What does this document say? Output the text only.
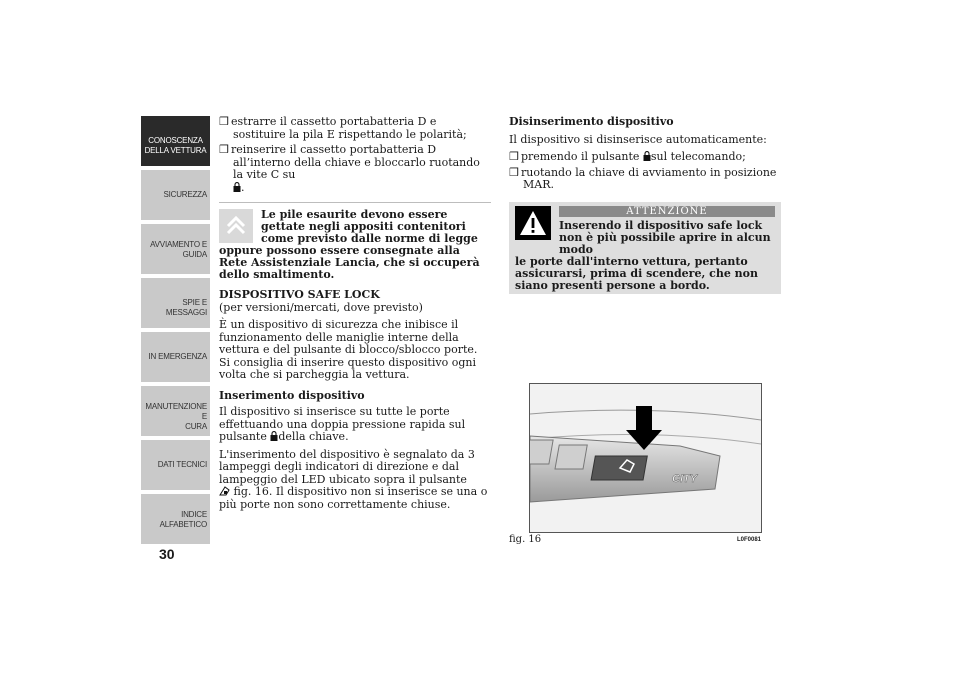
CONOSCENZA
DELLA VETTURA
SICUREZZA
AVVIAMENTO E
GUIDA
SPIE E MESSAGGI
IN EMERGENZA
MANUTENZIONE E
CURA
DATI TECNICI
INDICE
ALFABETICO
30

❒ estrarre il cassetto portabatteria D e sostituire la pila E rispettando le polarità;

❒ reinserire il cassetto portabatteria D all’interno della chiave e bloccarlo ruotando la vite C su
.

Le pile esaurite devono essere gettate negli appositi contenitori come previsto dalle norme di legge oppure possono essere consegnate alla Rete Assistenziale Lancia, che si occuperà dello smaltimento.

DISPOSITIVO SAFE LOCK

(per versioni/mercati, dove previsto)

È un dispositivo di sicurezza che inibisce il funzionamento delle maniglie interne della vettura e del pulsante di blocco/sblocco porte. Si consiglia di inserire questo dispositivo ogni volta che si parcheggia la vettura.

Inserimento dispositivo

Il dispositivo si inserisce su tutte le porte effettuando una doppia pressione rapida sul pulsante della chiave.

L'inserimento del dispositivo è segnalato da 3 lampeggi degli indicatori di direzione e dal lampeggio del LED ubicato sopra il pulsante
fig. 16. Il dispositivo non si inserisce se una o più porte non sono correttamente chiuse.

Disinserimento dispositivo

Il dispositivo si disinserisce automaticamente:

❒ premendo il pulsante sul telecomando;

❒ ruotando la chiave di avviamento in posizione MAR.

ATTENZIONE
Inserendo il dispositivo safe lock non è più possibile aprire in alcun modo
le porte dall'interno vettura, pertanto assicurarsi, prima di scendere, che non siano presenti persone a bordo.
CITY
fig. 16	L0F0081
